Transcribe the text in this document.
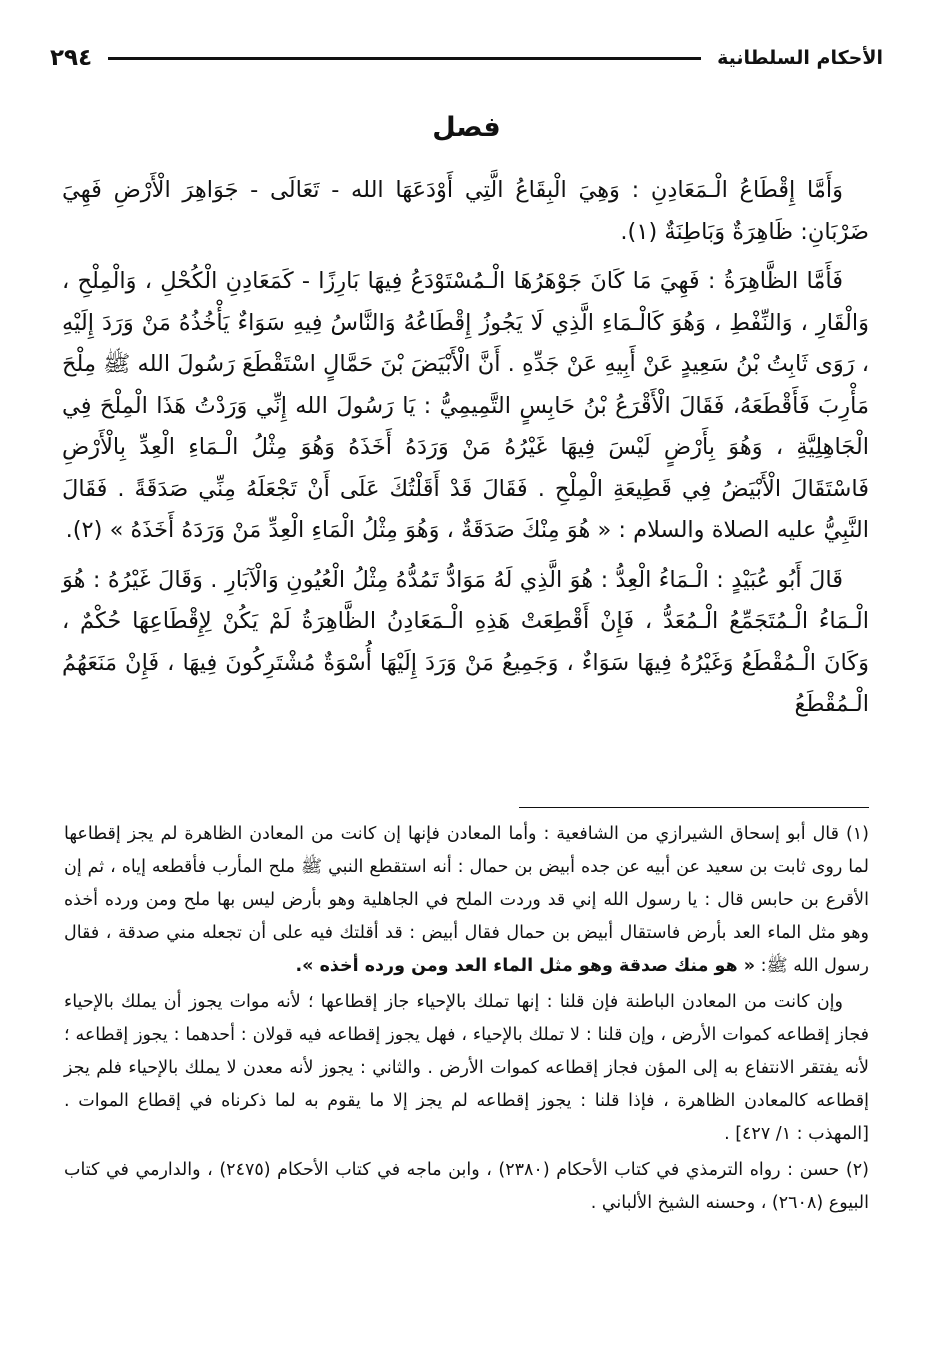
٢٩٤	الأحكام السلطانية
فصل

وَأَمَّا إِقْطَاعُ الْـمَعَادِنِ : وَهِيَ الْبِقَاعُ الَّتِي أَوْدَعَهَا الله - تَعَالَى - جَوَاهِرَ الْأَرْضِ فَهِيَ ضَرْبَانِ: ظَاهِرَةٌ وَبَاطِنَةٌ (١).

فَأَمَّا الظَّاهِرَةُ : فَهِيَ مَا كَانَ جَوْهَرُهَا الْـمُسْتَوْدَعُ فِيهَا بَارِزًا - كَمَعَادِنِ الْكُحْلِ ، وَالْمِلْحِ ، وَالْقَارِ ، وَالنِّفْطِ ، وَهُوَ كَالْـمَاءِ الَّذِي لَا يَجُوزُ إِقْطَاعُهُ وَالنَّاسُ فِيهِ سَوَاءٌ يَأْخُذُهُ مَنْ وَرَدَ إِلَيْهِ ، رَوَى ثَابِتُ بْنُ سَعِيدٍ عَنْ أَبِيهِ عَنْ جَدِّهِ . أَنَّ الْأَبْيَضَ بْنَ حَمَّالٍ اسْتَقْطَعَ رَسُولَ الله ﷺ مِلْحَ مَأْرِبَ فَأَقْطَعَهُ، فَقَالَ الْأَقْرَعُ بْنُ حَابِسٍ التَّمِيمِيُّ : يَا رَسُولَ الله إِنِّي وَرَدْتُ هَذَا الْمِلْحَ فِي الْجَاهِلِيَّةِ ، وَهُوَ بِأَرْضٍ لَيْسَ فِيهَا غَيْرُهُ مَنْ وَرَدَهُ أَخَذَهُ وَهُوَ مِثْلُ الْـمَاءِ الْعِدِّ بِالْأَرْضِ فَاسْتَقَالَ الْأَبْيَضُ فِي قَطِيعَةِ الْمِلْحِ . فَقَالَ قَدْ أَقَلْتُكَ عَلَى أَنْ تَجْعَلَهُ مِنِّي صَدَقَةً . فَقَالَ النَّبِيُّ عليه الصلاة والسلام : « هُوَ مِنْكَ صَدَقَةٌ ، وَهُوَ مِثْلُ الْمَاءِ الْعِدِّ مَنْ وَرَدَهُ أَخَذَهُ » (٢).

قَالَ أَبُو عُبَيْدٍ : الْـمَاءُ الْعِدُّ : هُوَ الَّذِي لَهُ مَوَادُّ تَمُدُّهُ مِثْلُ الْعُيُونِ وَالْآبَارِ . وَقَالَ غَيْرُهُ : هُوَ الْـمَاءُ الْـمُتَجَمِّعُ الْـمُعَدُّ ، فَإِنْ أَقْطِعَتْ هَذِهِ الْـمَعَادِنُ الظَّاهِرَةُ لَمْ يَكُنْ لِإِقْطَاعِهَا حُكْمٌ ، وَكَانَ الْـمُقْطَعُ وَغَيْرُهُ فِيهَا سَوَاءٌ ، وَجَمِيعُ مَنْ وَرَدَ إِلَيْهَا أُسْوَةٌ مُشْتَرِكُونَ فِيهَا ، فَإِنْ مَنَعَهُمُ الْـمُقْطَعُ

(١) قال أبو إسحاق الشيرازي من الشافعية : وأما المعادن فإنها إن كانت من المعادن الظاهرة لم يجز إقطاعها لما روى ثابت بن سعيد عن أبيه عن جده أبيض بن حمال : أنه استقطع النبي ﷺ ملح المأرب فأقطعه إياه ، ثم إن الأقرع بن حابس قال : يا رسول الله إني قد وردت الملح في الجاهلية وهو بأرض ليس بها ملح ومن ورده أخذه وهو مثل الماء العد بأرض فاستقال أبيض بن حمال فقال أبيض : قد أقلتك فيه على أن تجعله مني صدقة ، فقال رسول الله ﷺ: « هو منك صدقة وهو مثل الماء العد ومن ورده أخذه ».

وإن كانت من المعادن الباطنة فإن قلنا : إنها تملك بالإحياء جاز إقطاعها ؛ لأنه موات يجوز أن يملك بالإحياء فجاز إقطاعه كموات الأرض ، وإن قلنا : لا تملك بالإحياء ، فهل يجوز إقطاعه فيه قولان : أحدهما : يجوز إقطاعه ؛ لأنه يفتقر الانتفاع به إلى المؤن فجاز إقطاعه كموات الأرض . والثاني : يجوز لأنه معدن لا يملك بالإحياء فلم يجز إقطاعه كالمعادن الظاهرة ، فإذا قلنا : يجوز إقطاعه لم يجز إلا ما يقوم به لما ذكرناه في إقطاع الموات . [المهذب : ١/ ٤٢٧] .

(٢) حسن : رواه الترمذي في كتاب الأحكام (٢٣٨٠) ، وابن ماجه في كتاب الأحكام (٢٤٧٥) ، والدارمي في كتاب البيوع (٢٦٠٨) ، وحسنه الشيخ الألباني .
